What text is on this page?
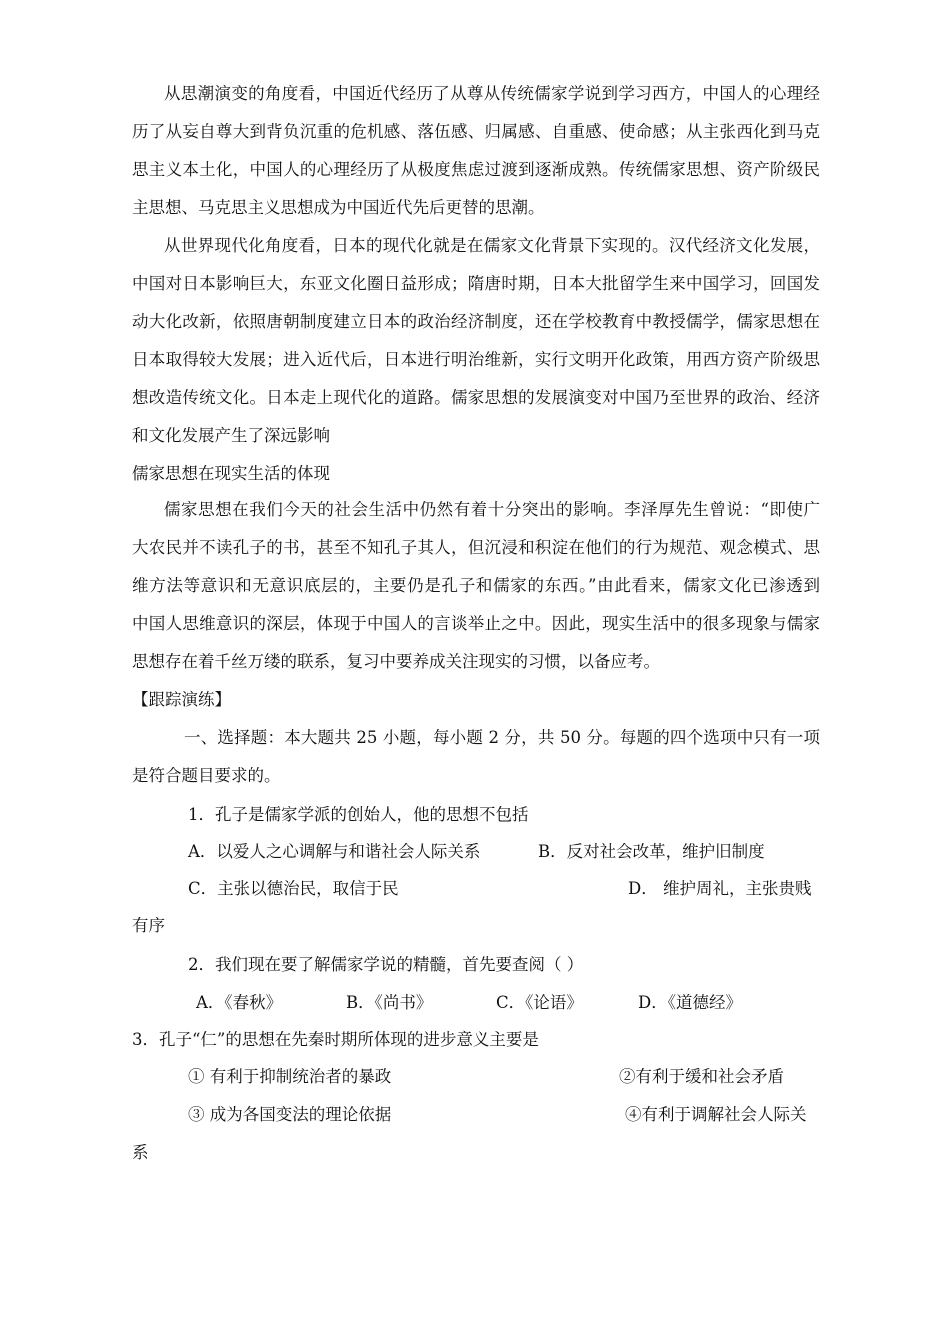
从思潮演变的角度看，中国近代经历了从尊从传统儒家学说到学习西方，中国人的心理经
历了从妄自尊大到背负沉重的危机感、落伍感、归属感、自重感、使命感；从主张西化到马克
思主义本土化，中国人的心理经历了从极度焦虑过渡到逐渐成熟。传统儒家思想、资产阶级民
主思想、马克思主义思想成为中国近代先后更替的思潮。
从世界现代化角度看，日本的现代化就是在儒家文化背景下实现的。汉代经济文化发展，
中国对日本影响巨大，东亚文化圈日益形成；隋唐时期，日本大批留学生来中国学习，回国发
动大化改新，依照唐朝制度建立日本的政治经济制度，还在学校教育中教授儒学，儒家思想在
日本取得较大发展；进入近代后，日本进行明治维新，实行文明开化政策，用西方资产阶级思
想改造传统文化。日本走上现代化的道路。儒家思想的发展演变对中国乃至世界的政治、经济
和文化发展产生了深远影响
儒家思想在现实生活的体现
儒家思想在我们今天的社会生活中仍然有着十分突出的影响。李泽厚先生曾说：“即使广
大农民并不读孔子的书，甚至不知孔子其人，但沉浸和积淀在他们的行为规范、观念模式、思
维方法等意识和无意识底层的，主要仍是孔子和儒家的东西。”由此看来，儒家文化已渗透到
中国人思维意识的深层，体现于中国人的言谈举止之中。因此，现实生活中的很多现象与儒家
思想存在着千丝万缕的联系，复习中要养成关注现实的习惯，以备应考。
【跟踪演练】
一、选择题：本大题共 25 小题，每小题 2 分，共 50 分。每题的四个选项中只有一项
是符合题目要求的。
1．孔子是儒家学派的创始人，他的思想不包括
A．以爱人之心调解与和谐社会人际关系	B．反对社会改革，维护旧制度
C．主张以德治民，取信于民	D． 维护周礼，主张贵贱
有序
2．我们现在要了解儒家学说的精髓，首先要查阅（ ）
A．《春秋》	B．《尚书》	C．《论语》	D．《道德经》
3．孔子“仁”的思想在先秦时期所体现的进步意义主要是
① 有利于抑制统治者的暴政	②有利于缓和社会矛盾
③ 成为各国变法的理论依据	④有利于调解社会人际关
系
